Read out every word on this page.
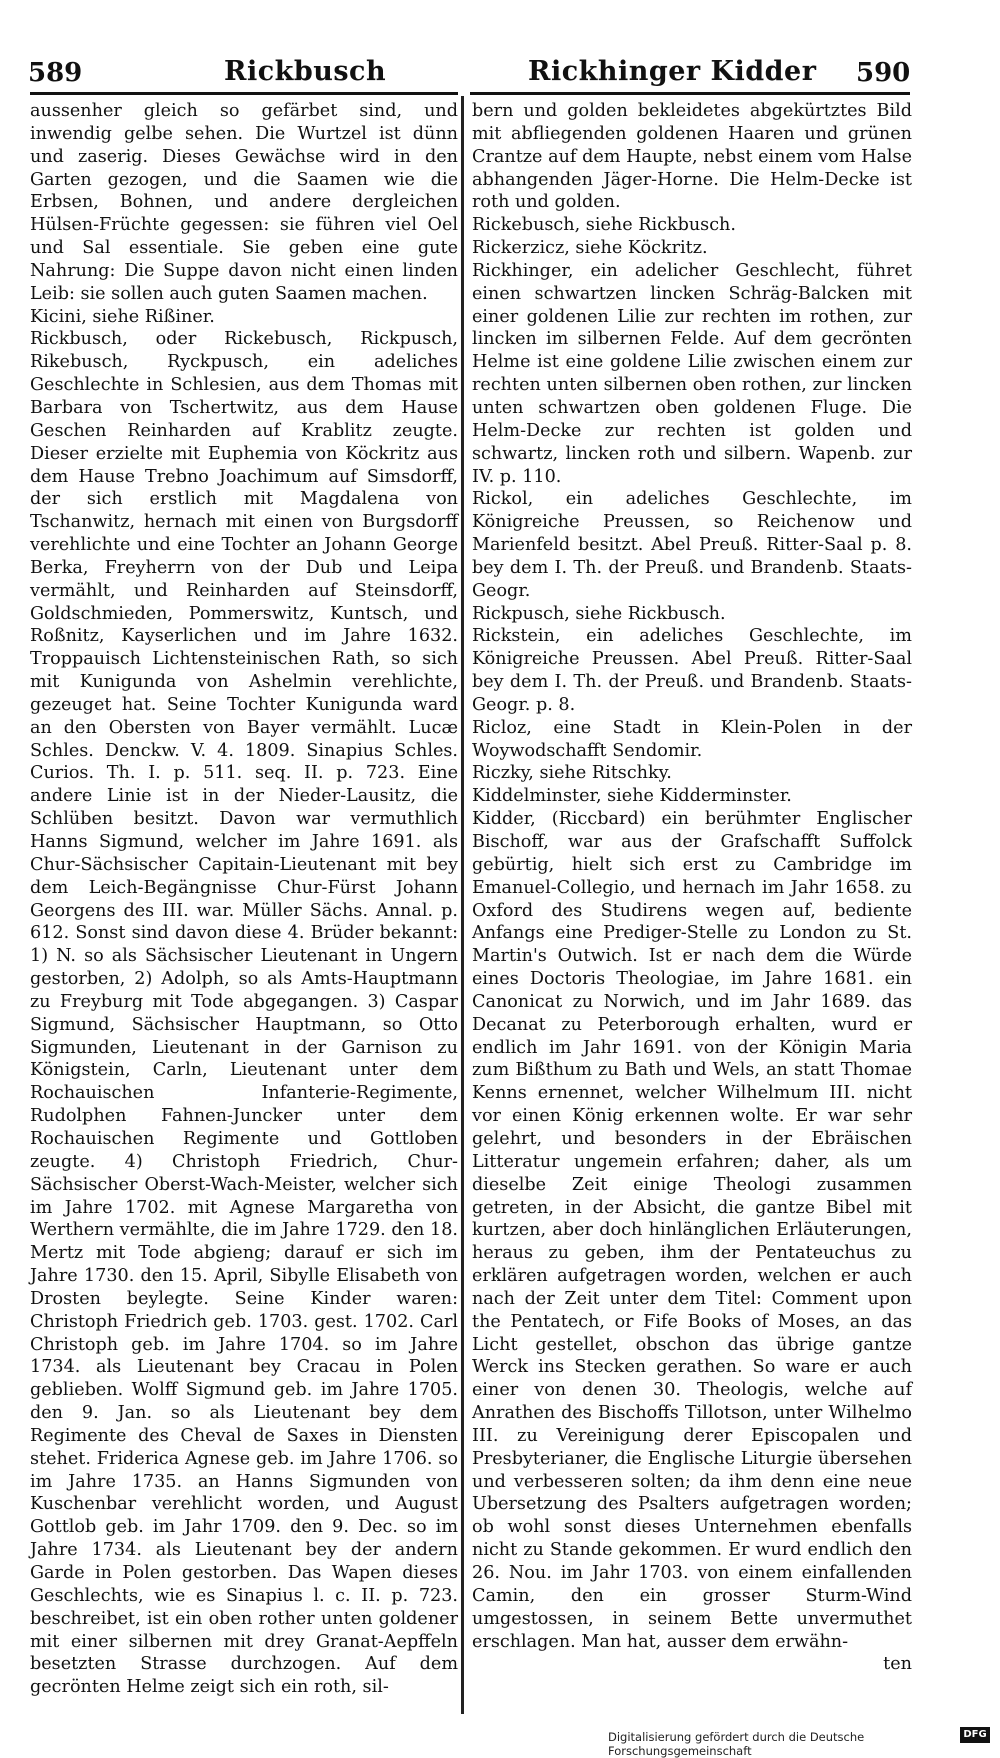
589	Rickbusch	Rickhinger Kidder 590

aussenher gleich so gefärbet sind, und inwendig gelbe sehen. Die Wurtzel ist dünn und zaserig. Dieses Gewächse wird in den Garten gezogen, und die Saamen wie die Erbsen, Bohnen, und andere dergleichen Hülsen-Früchte gegessen: sie führen viel Oel und Sal essentiale. Sie geben eine gute Nahrung: Die Suppe davon nicht einen linden Leib: sie sollen auch guten Saamen machen.

Kicini, siehe Rißiner.

Rickbusch, oder Rickebusch, Rickpusch, Rikebusch, Ryckpusch, ein adeliches Geschlechte in Schlesien, aus dem Thomas mit Barbara von Tschertwitz, aus dem Hause Geschen Reinharden auf Krablitz zeugte. Dieser erzielte mit Euphemia von Köckritz aus dem Hause Trebno Joachimum auf Simsdorff, der sich erstlich mit Magdalena von Tschanwitz, hernach mit einen von Burgsdorff verehlichte und eine Tochter an Johann George Berka, Freyherrn von der Dub und Leipa vermählt, und Reinharden auf Steinsdorff, Goldschmieden, Pommerswitz, Kuntsch, und Roßnitz, Kayserlichen und im Jahre 1632. Troppauisch Lichtensteinischen Rath, so sich mit Kunigunda von Ashelmin verehlichte, gezeuget hat. Seine Tochter Kunigunda ward an den Obersten von Bayer vermählt. Lucæ Schles. Denckw. V. 4. 1809. Sinapius Schles. Curios. Th. I. p. 511. seq. II. p. 723. Eine andere Linie ist in der Nieder-Lausitz, die Schlüben besitzt. Davon war vermuthlich Hanns Sigmund, welcher im Jahre 1691. als Chur-Sächsischer Capitain-Lieutenant mit bey dem Leich-Begängnisse Chur-Fürst Johann Georgens des III. war. Müller Sächs. Annal. p. 612. Sonst sind davon diese 4. Brüder bekannt: 1) N. so als Sächsischer Lieutenant in Ungern gestorben, 2) Adolph, so als Amts-Hauptmann zu Freyburg mit Tode abgegangen. 3) Caspar Sigmund, Sächsischer Hauptmann, so Otto Sigmunden, Lieutenant in der Garnison zu Königstein, Carln, Lieutenant unter dem Rochauischen Infanterie-Regimente, Rudolphen Fahnen-Juncker unter dem Rochauischen Regimente und Gottloben zeugte. 4) Christoph Friedrich, Chur-Sächsischer Oberst-Wach-Meister, welcher sich im Jahre 1702. mit Agnese Margaretha von Werthern vermählte, die im Jahre 1729. den 18. Mertz mit Tode abgieng; darauf er sich im Jahre 1730. den 15. April, Sibylle Elisabeth von Drosten beylegte. Seine Kinder waren: Christoph Friedrich geb. 1703. gest. 1702. Carl Christoph geb. im Jahre 1704. so im Jahre 1734. als Lieutenant bey Cracau in Polen geblieben. Wolff Sigmund geb. im Jahre 1705. den 9. Jan. so als Lieutenant bey dem Regimente des Cheval de Saxes in Diensten stehet. Friderica Agnese geb. im Jahre 1706. so im Jahre 1735. an Hanns Sigmunden von Kuschenbar verehlicht worden, und August Gottlob geb. im Jahr 1709. den 9. Dec. so im Jahre 1734. als Lieutenant bey der andern Garde in Polen gestorben. Das Wapen dieses Geschlechts, wie es Sinapius l. c. II. p. 723. beschreibet, ist ein oben rother unten goldener mit einer silbernen mit drey Granat-Aepffeln besetzten Strasse durchzogen. Auf dem gecrönten Helme zeigt sich ein roth, sil-

bern und golden bekleidetes abgekürtztes Bild mit abfliegenden goldenen Haaren und grünen Crantze auf dem Haupte, nebst einem vom Halse abhangenden Jäger-Horne. Die Helm-Decke ist roth und golden.

Rickebusch, siehe Rickbusch.

Rickerzicz, siehe Köckritz.

Rickhinger, ein adelicher Geschlecht, führet einen schwartzen lincken Schräg-Balcken mit einer goldenen Lilie zur rechten im rothen, zur lincken im silbernen Felde. Auf dem gecrönten Helme ist eine goldene Lilie zwischen einem zur rechten unten silbernen oben rothen, zur lincken unten schwartzen oben goldenen Fluge. Die Helm-Decke zur rechten ist golden und schwartz, lincken roth und silbern. Wapenb. zur IV. p. 110.

Rickol, ein adeliches Geschlechte, im Königreiche Preussen, so Reichenow und Marienfeld besitzt. Abel Preuß. Ritter-Saal p. 8. bey dem I. Th. der Preuß. und Brandenb. Staats-Geogr.

Rickpusch, siehe Rickbusch.

Rickstein, ein adeliches Geschlechte, im Königreiche Preussen. Abel Preuß. Ritter-Saal bey dem I. Th. der Preuß. und Brandenb. Staats-Geogr. p. 8.

Ricloz, eine Stadt in Klein-Polen in der Woywodschafft Sendomir.

Riczky, siehe Ritschky.

Kiddelminster, siehe Kidderminster.

Kidder, (Riccbard) ein berühmter Englischer Bischoff, war aus der Grafschafft Suffolck gebürtig, hielt sich erst zu Cambridge im Emanuel-Collegio, und hernach im Jahr 1658. zu Oxford des Studirens wegen auf, bediente Anfangs eine Prediger-Stelle zu London zu St. Martin's Outwich. Ist er nach dem die Würde eines Doctoris Theologiae, im Jahre 1681. ein Canonicat zu Norwich, und im Jahr 1689. das Decanat zu Peterborough erhalten, wurd er endlich im Jahr 1691. von der Königin Maria zum Bißthum zu Bath und Wels, an statt Thomae Kenns ernennet, welcher Wilhelmum III. nicht vor einen König erkennen wolte. Er war sehr gelehrt, und besonders in der Ebräischen Litteratur ungemein erfahren; daher, als um dieselbe Zeit einige Theologi zusammen getreten, in der Absicht, die gantze Bibel mit kurtzen, aber doch hinlänglichen Erläuterungen, heraus zu geben, ihm der Pentateuchus zu erklären aufgetragen worden, welchen er auch nach der Zeit unter dem Titel: Comment upon the Pentatech, or Fife Books of Moses, an das Licht gestellet, obschon das übrige gantze Werck ins Stecken gerathen. So ware er auch einer von denen 30. Theologis, welche auf Anrathen des Bischoffs Tillotson, unter Wilhelmo III. zu Vereinigung derer Episcopalen und Presbyterianer, die Englische Liturgie übersehen und verbesseren solten; da ihm denn eine neue Ubersetzung des Psalters aufgetragen worden; ob wohl sonst dieses Unternehmen ebenfalls nicht zu Stande gekommen. Er wurd endlich den 26. Nou. im Jahr 1703. von einem einfallenden Camin, den ein grosser Sturm-Wind umgestossen, in seinem Bette unvermuthet erschlagen. Man hat, ausser dem erwähn-

ten

Digitalisierung gefördert durch die Deutsche Forschungsgemeinschaft
DFG
